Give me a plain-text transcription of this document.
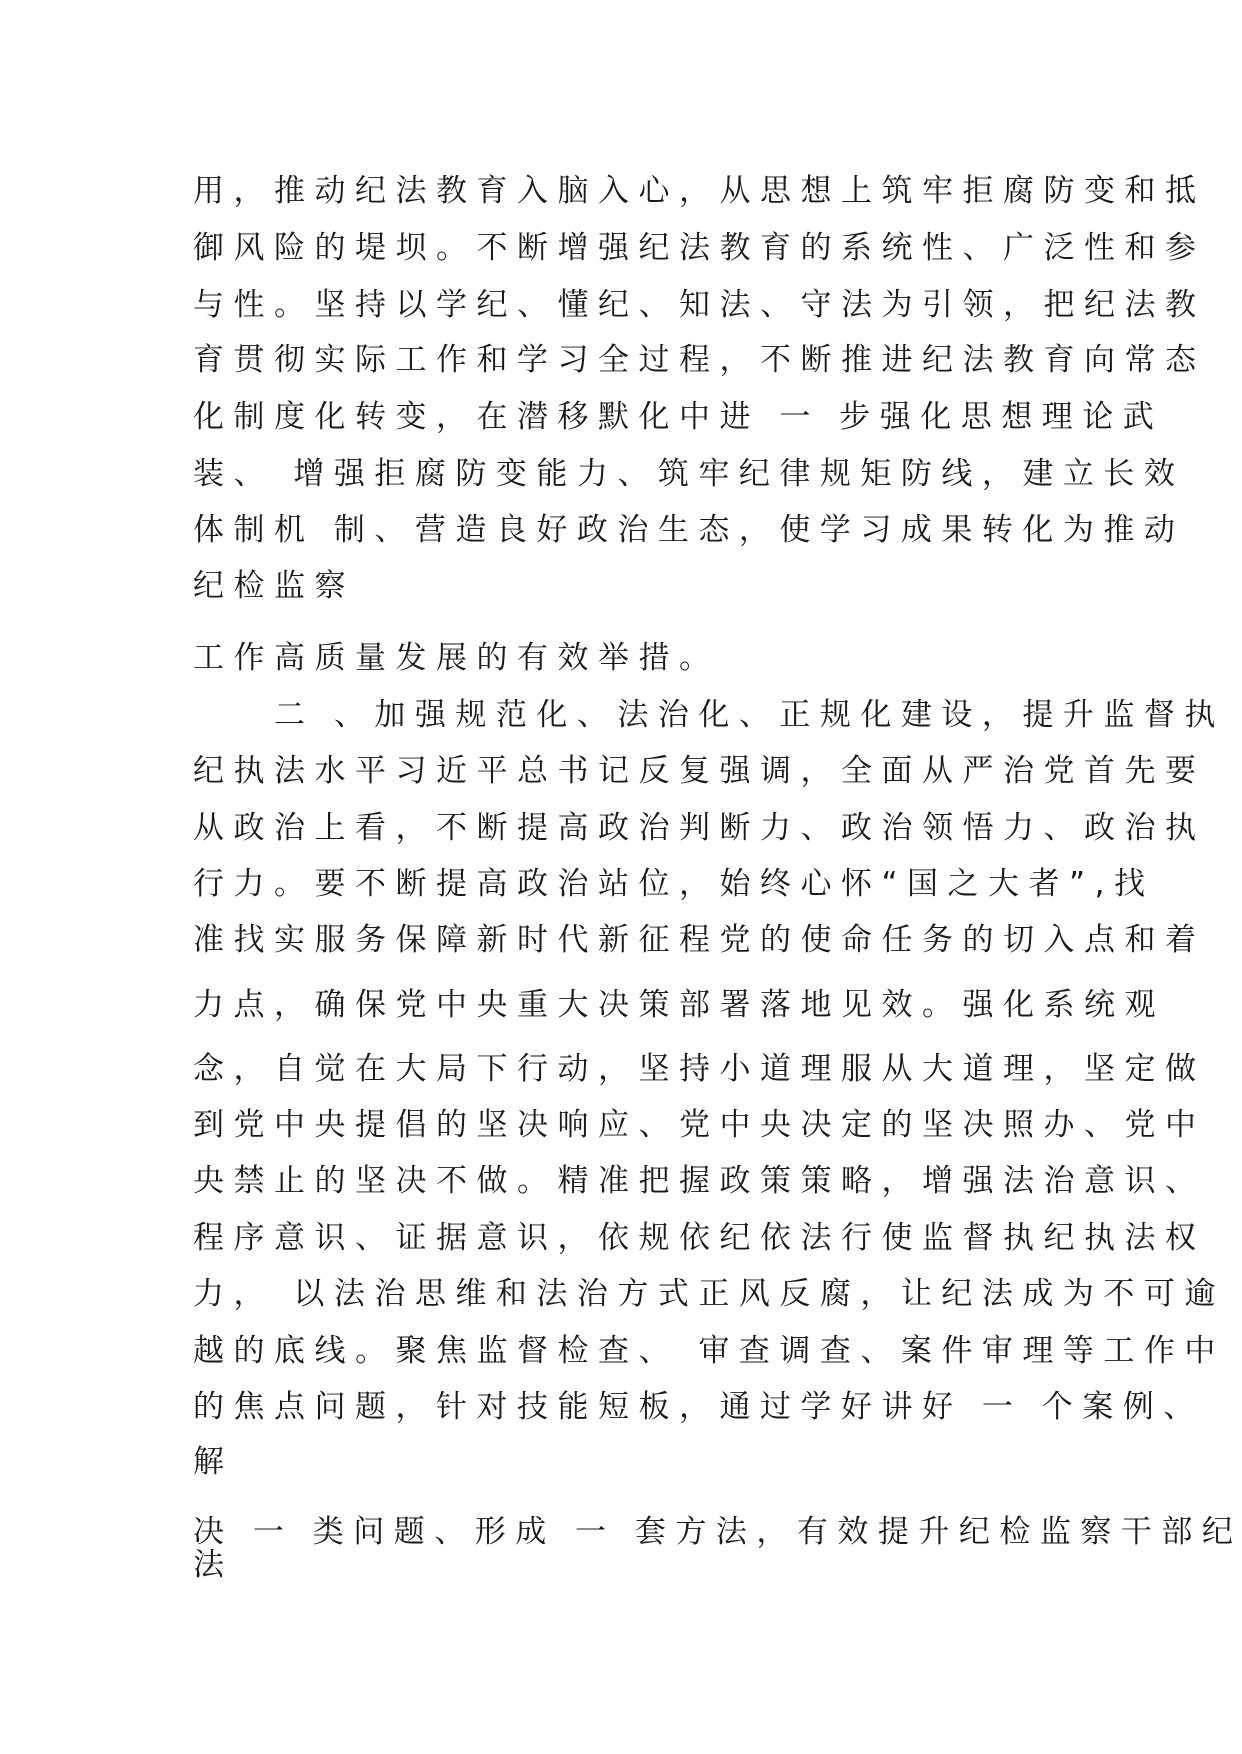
用，推动纪法教育入脑入心，从思想上筑牢拒腐防变和抵
御风险的堤坝。不断增强纪法教育的系统性、广泛性和参
与性。坚持以学纪、懂纪、知法、守法为引领，把纪法教
育贯彻实际工作和学习全过程，不断推进纪法教育向常态
化制度化转变，在潜移默化中进 一 步强化思想理论武
装、 增强拒腐防变能力、筑牢纪律规矩防线，建立长效
体制机 制、营造良好政治生态，使学习成果转化为推动
纪检监察
工作高质量发展的有效举措。
　　二 、加强规范化、法治化、正规化建设，提升监督执
纪执法水平习近平总书记反复强调，全面从严治党首先要
从政治上看，不断提高政治判断力、政治领悟力、政治执
行力。要不断提高政治站位，始终心怀“国之大者”,找
准找实服务保障新时代新征程党的使命任务的切入点和着
力点，确保党中央重大决策部署落地见效。强化系统观
念，自觉在大局下行动，坚持小道理服从大道理，坚定做
到党中央提倡的坚决响应、党中央决定的坚决照办、党中
央禁止的坚决不做。精准把握政策策略，增强法治意识、
程序意识、证据意识，依规依纪依法行使监督执纪执法权
力， 以法治思维和法治方式正风反腐，让纪法成为不可逾
越的底线。聚焦监督检查、 审查调查、案件审理等工作中
的焦点问题，针对技能短板，通过学好讲好 一 个案例、
解
决 一 类问题、形成 一 套方法，有效提升纪检监察干部纪
法
